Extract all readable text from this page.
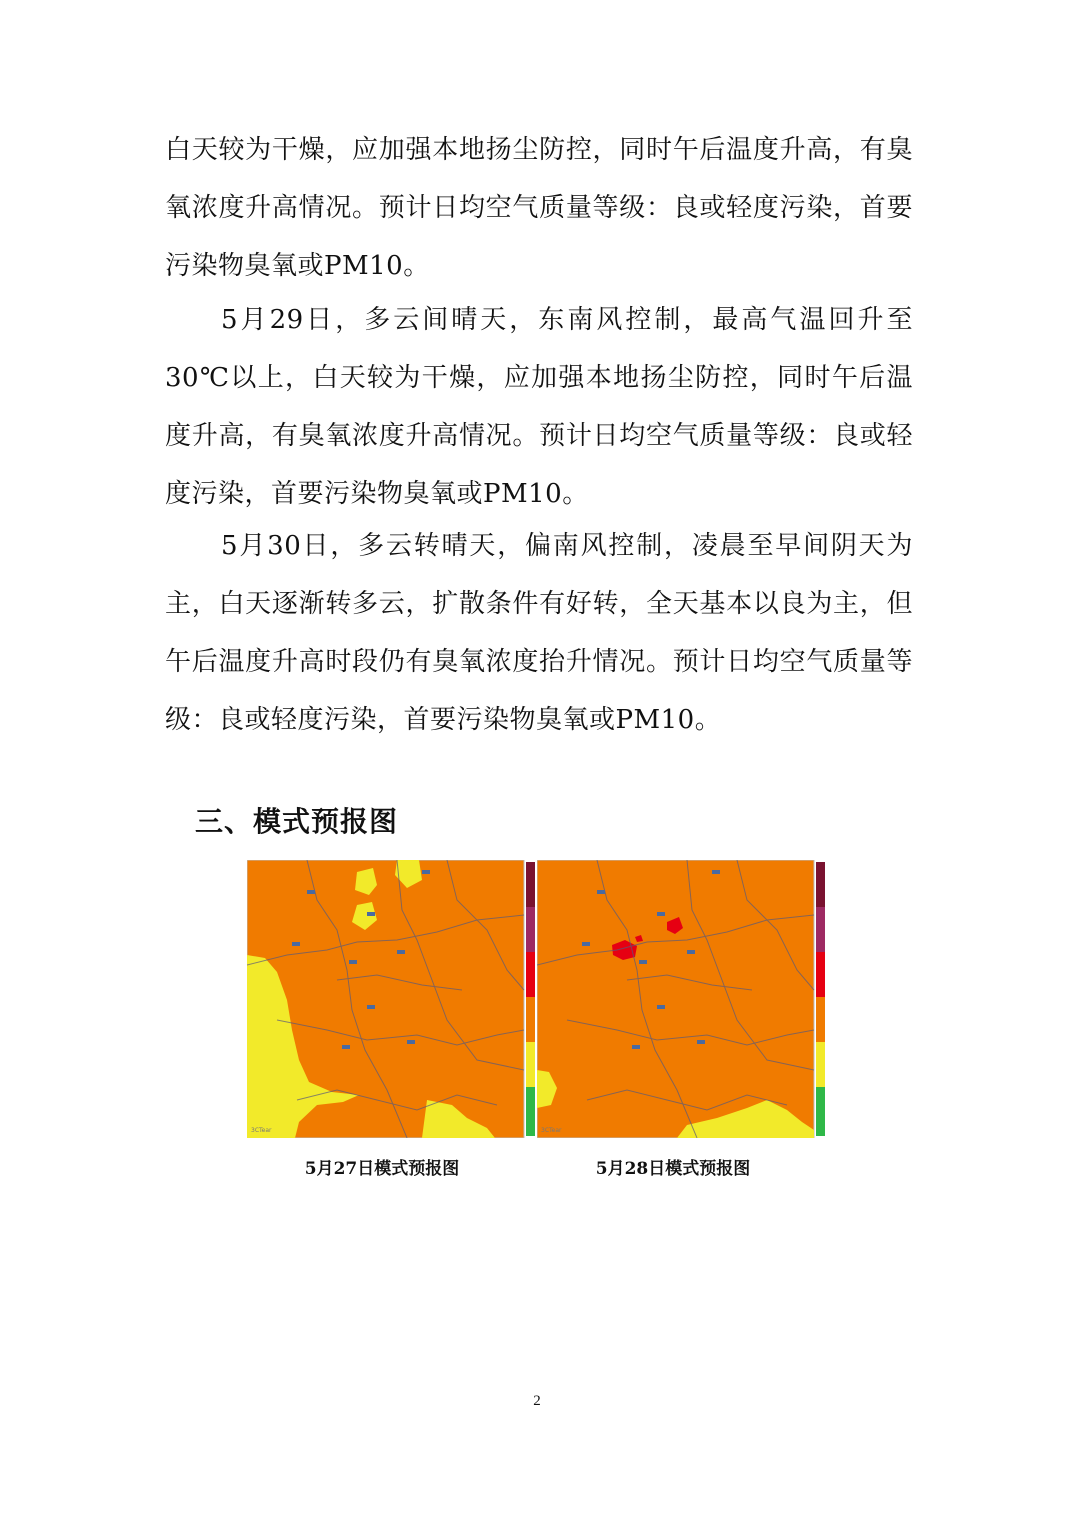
白天较为干燥，应加强本地扬尘防控，同时午后温度升高，有臭氧浓度升高情况。预计日均空气质量等级：良或轻度污染，首要污染物臭氧或PM10。

5月29日，多云间晴天，东南风控制，最高气温回升至30℃以上，白天较为干燥，应加强本地扬尘防控，同时午后温度升高，有臭氧浓度升高情况。预计日均空气质量等级：良或轻度污染，首要污染物臭氧或PM10。

5月30日，多云转晴天，偏南风控制，凌晨至早间阴天为主，白天逐渐转多云，扩散条件有好转，全天基本以良为主，但午后温度升高时段仍有臭氧浓度抬升情况。预计日均空气质量等级：良或轻度污染，首要污染物臭氧或PM10。

三、模式预报图
3CTear	3CTear
5月27日模式预报图	5月28日模式预报图
2
